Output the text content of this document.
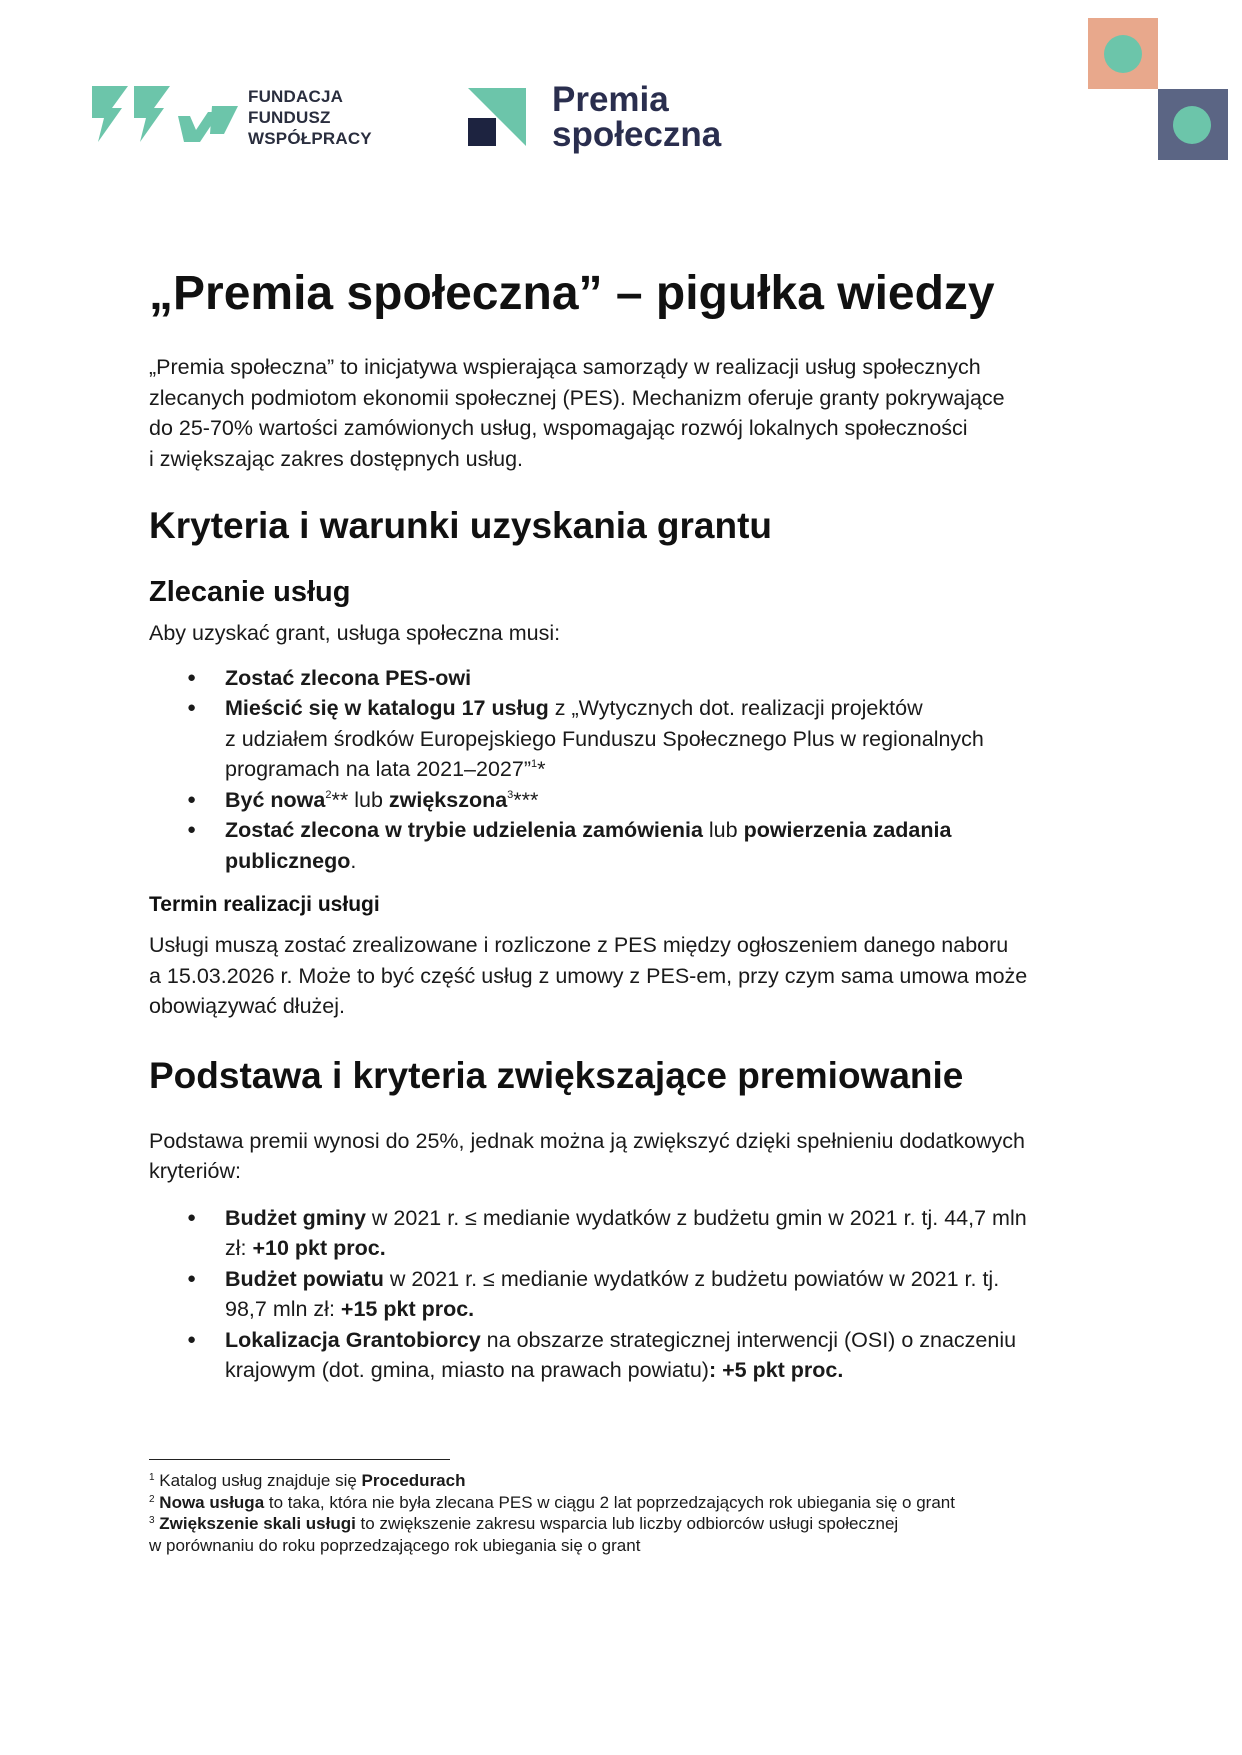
FUNDACJA
FUNDUSZ
WSPÓŁPRACY
Premia
społeczna
„Premia społeczna” – pigułka wiedzy

„Premia społeczna” to inicjatywa wspierająca samorządy w realizacji usług społecznych
zlecanych podmiotom ekonomii społecznej (PES). Mechanizm oferuje granty pokrywające
do 25-70% wartości zamówionych usług, wspomagając rozwój lokalnych społeczności
i zwiększając zakres dostępnych usług.

Kryteria i warunki uzyskania grantu
Zlecanie usług

Aby uzyskać grant, usługa społeczna musi:

● Zostać zlecona PES-owi
● Mieścić się w katalogu 17 usług z „Wytycznych dot. realizacji projektów
z udziałem środków Europejskiego Funduszu Społecznego Plus w regionalnych
programach na lata 2021–2027”$^1$*
● Być nowa$^2$** lub zwiększona$^3$***
● Zostać zlecona w trybie udzielenia zamówienia lub powierzenia zadania
publicznego.
Termin realizacji usługi

Usługi muszą zostać zrealizowane i rozliczone z PES między ogłoszeniem danego naboru
a 15.03.2026 r. Może to być część usług z umowy z PES-em, przy czym sama umowa może
obowiązywać dłużej.

Podstawa i kryteria zwiększające premiowanie

Podstawa premii wynosi do 25%, jednak można ją zwiększyć dzięki spełnieniu dodatkowych
kryteriów:

● Budżet gminy w 2021 r. ≤ medianie wydatków z budżetu gmin w 2021 r. tj. 44,7 mln
zł: +10 pkt proc.
● Budżet powiatu w 2021 r. ≤ medianie wydatków z budżetu powiatów w 2021 r. tj.
98,7 mln zł: +15 pkt proc.
● Lokalizacja Grantobiorcy na obszarze strategicznej interwencji (OSI) o znaczeniu
krajowym (dot. gmina, miasto na prawach powiatu): +5 pkt proc.
$^1$ Katalog usług znajduje się Procedurach
$^2$ Nowa usługa to taka, która nie była zlecana PES w ciągu 2 lat poprzedzających rok ubiegania się o grant
$^3$ Zwiększenie skali usługi to zwiększenie zakresu wsparcia lub liczby odbiorców usługi społecznej
w porównaniu do roku poprzedzającego rok ubiegania się o grant
